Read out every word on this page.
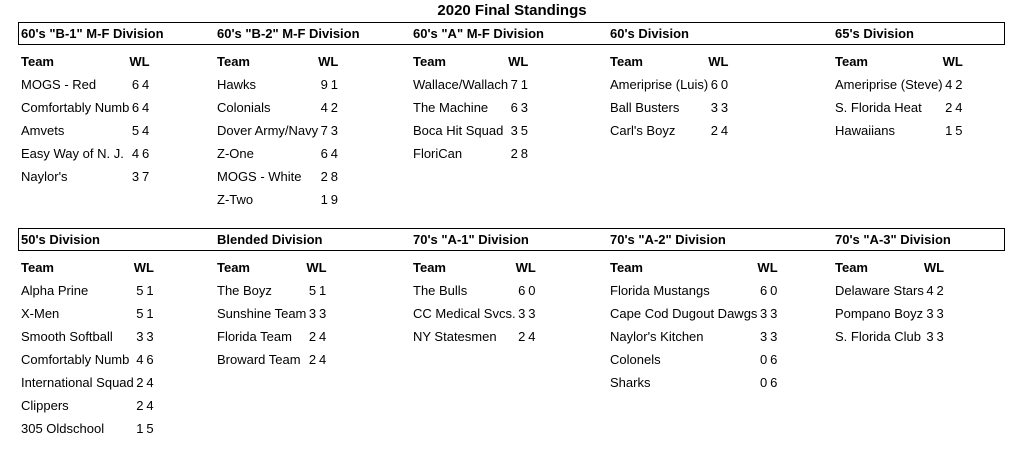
2020 Final Standings
60's "B-1" M-F Division
Team	W	L
MOGS - Red	6	4
Comfortably Numb	6	4
Amvets	5	4
Easy Way of N. J.	4	6
Naylor's	3	7
60's "B-2" M-F Division
Team	W	L
Hawks	9	1
Colonials	4	2
Dover Army/Navy	7	3
Z-One	6	4
MOGS - White	2	8
Z-Two	1	9
60's "A" M-F Division
Team	W	L
Wallace/Wallach	7	1
The Machine	6	3
Boca Hit Squad	3	5
FloriCan	2	8
60's Division
Team	W	L
Ameriprise (Luis)	6	0
Ball Busters	3	3
Carl's Boyz	2	4
65's Division
Team	W	L
Ameriprise (Steve)	4	2
S. Florida Heat	2	4
Hawaiians	1	5
50's Division
Team	W	L
Alpha Prine	5	1
X-Men	5	1
Smooth Softball	3	3
Comfortably Numb	4	6
International Squad	2	4
Clippers	2	4
305 Oldschool	1	5
Blended Division
Team	W	L
The Boyz	5	1
Sunshine Team	3	3
Florida Team	2	4
Broward Team	2	4
70's "A-1" Division
Team	W	L
The Bulls	6	0
CC Medical Svcs.	3	3
NY Statesmen	2	4
70's "A-2" Division
Team	W	L
Florida Mustangs	6	0
Cape Cod Dugout Dawgs	3	3
Naylor's Kitchen	3	3
Colonels	0	6
Sharks	0	6
70's "A-3" Division
Team	W	L
Delaware Stars	4	2
Pompano Boyz	3	3
S. Florida Club	3	3
